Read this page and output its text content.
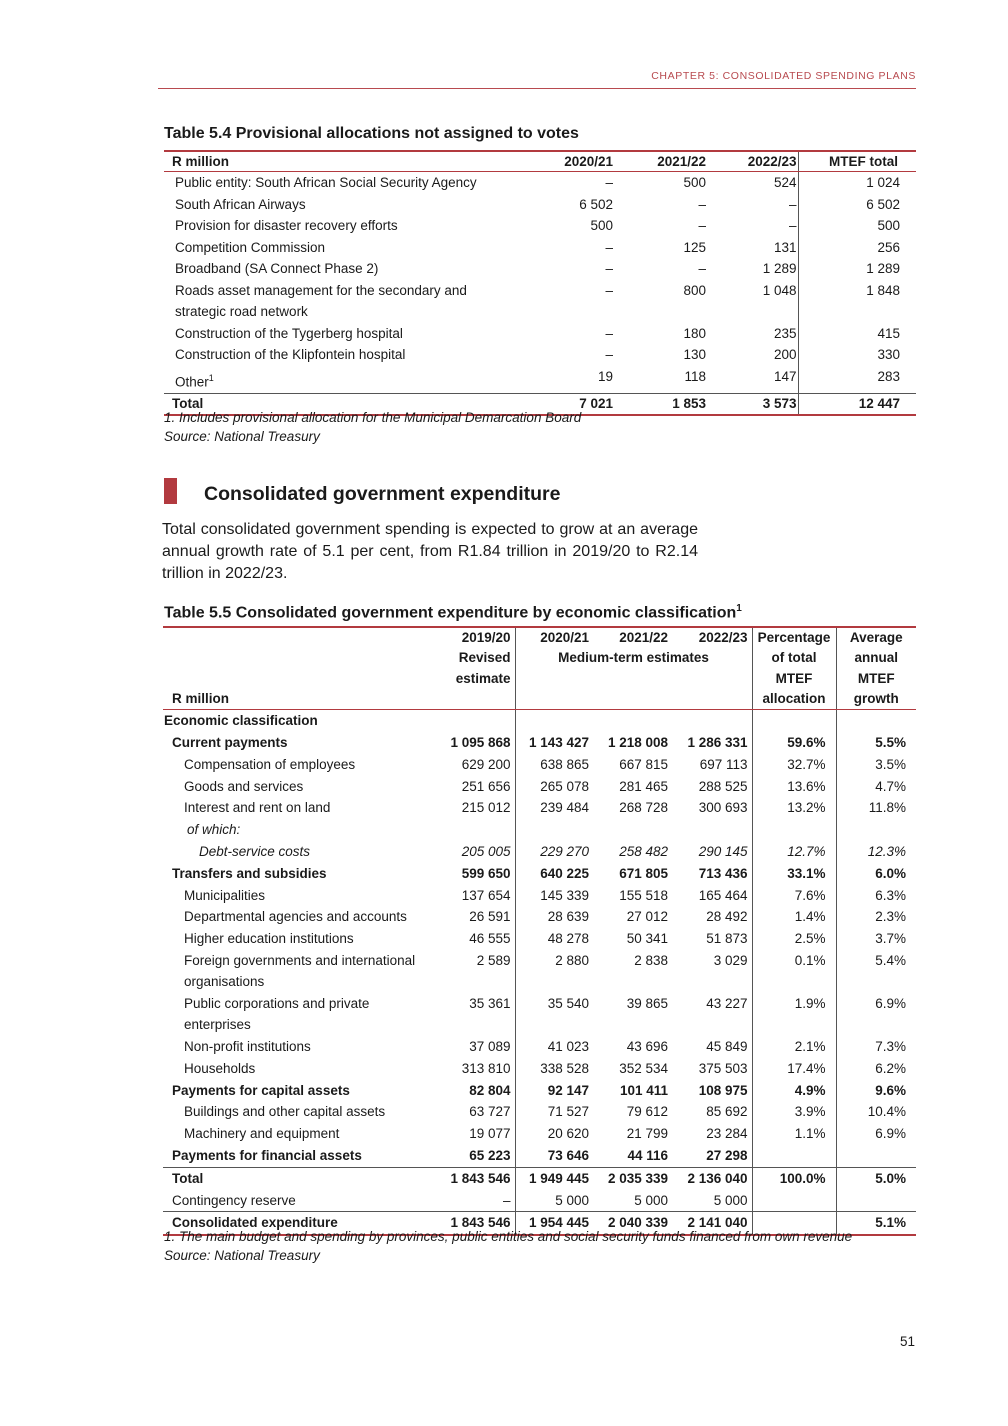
CHAPTER 5: CONSOLIDATED SPENDING PLANS
Table 5.4 Provisional allocations not assigned to votes
R million	2020/21	2021/22	2022/23	MTEF total
Public entity: South African Social Security Agency	–	500	524	1 024
South African Airways	6 502	–	–	6 502
Provision for disaster recovery efforts	500	–	–	500
Competition Commission	–	125	131	256
Broadband (SA Connect Phase 2)	–	–	1 289	1 289
Roads asset management for the secondary and strategic road network	–	800	1 048	1 848
Construction of the Tygerberg hospital	–	180	235	415
Construction of the Klipfontein hospital	–	130	200	330
Other$^1$	19	118	147	283
Total	7 021	1 853	3 573	12 447
1. Includes provisional allocation for the Municipal Demarcation Board
Source: National Treasury
Consolidated government expenditure
Total consolidated government spending is expected to grow at an average annual growth rate of 5.1 per cent, from R1.84 trillion in 2019/20 to R2.14 trillion in 2022/23.
Table 5.5 Consolidated government expenditure by economic classification$^1$
	2019/20	2020/21	2021/22	2022/23	Percentage	Average
	Revised	Medium-term estimates			of total	annual
	estimate				MTEF	MTEF
R million					allocation	growth
Economic classification						
Current payments	1 095 868	1 143 427	1 218 008	1 286 331	59.6%	5.5%
Compensation of employees	629 200	638 865	667 815	697 113	32.7%	3.5%
Goods and services	251 656	265 078	281 465	288 525	13.6%	4.7%
Interest and rent on land	215 012	239 484	268 728	300 693	13.2%	11.8%
of which:						
Debt-service costs	205 005	229 270	258 482	290 145	12.7%	12.3%
Transfers and subsidies	599 650	640 225	671 805	713 436	33.1%	6.0%
Municipalities	137 654	145 339	155 518	165 464	7.6%	6.3%
Departmental agencies and accounts	26 591	28 639	27 012	28 492	1.4%	2.3%
Higher education institutions	46 555	48 278	50 341	51 873	2.5%	3.7%
Foreign governments and international organisations	2 589	2 880	2 838	3 029	0.1%	5.4%
Public corporations and private enterprises	35 361	35 540	39 865	43 227	1.9%	6.9%
Non-profit institutions	37 089	41 023	43 696	45 849	2.1%	7.3%
Households	313 810	338 528	352 534	375 503	17.4%	6.2%
Payments for capital assets	82 804	92 147	101 411	108 975	4.9%	9.6%
Buildings and other capital assets	63 727	71 527	79 612	85 692	3.9%	10.4%
Machinery and equipment	19 077	20 620	21 799	23 284	1.1%	6.9%
Payments for financial assets	65 223	73 646	44 116	27 298		
Total	1 843 546	1 949 445	2 035 339	2 136 040	100.0%	5.0%
Contingency reserve	–	5 000	5 000	5 000		
Consolidated expenditure	1 843 546	1 954 445	2 040 339	2 141 040		5.1%
1. The main budget and spending by provinces, public entities and social security funds financed from own revenue
Source: National Treasury
51
